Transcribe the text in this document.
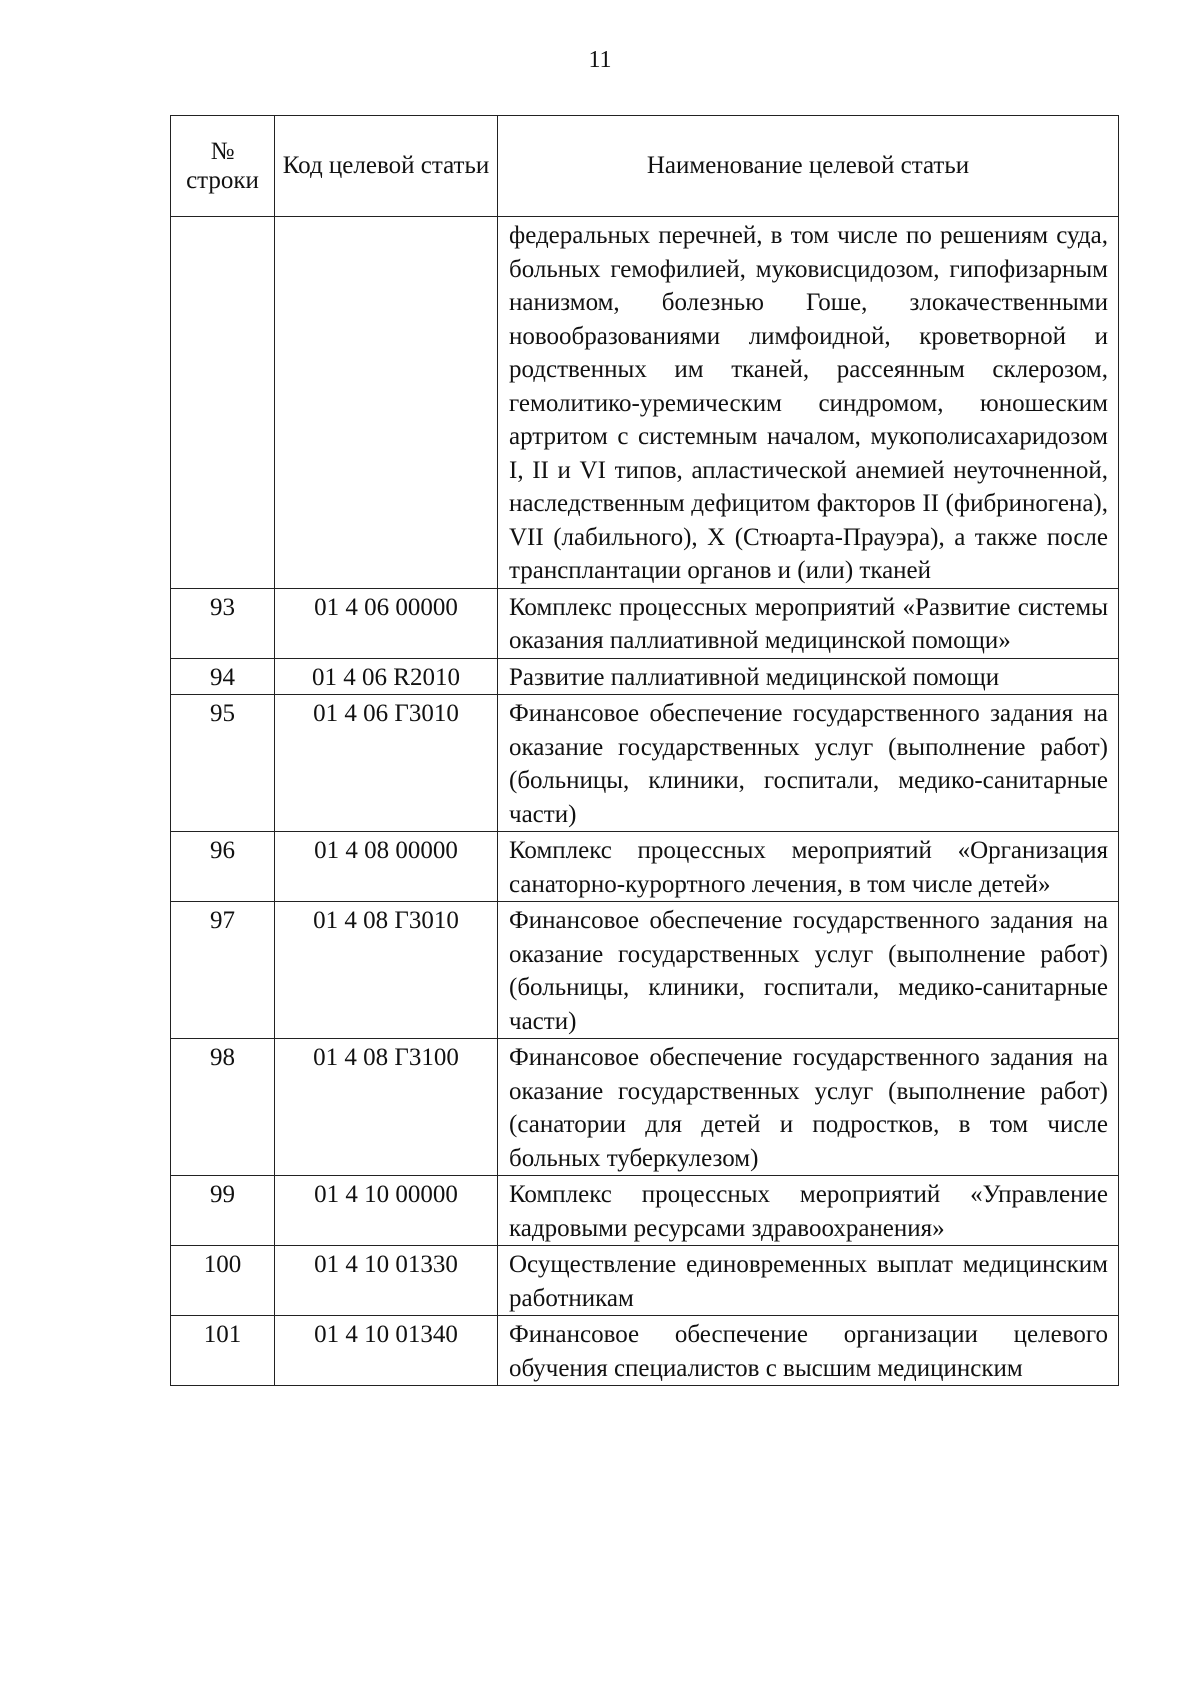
11
№ строки	Код целевой статьи	Наименование целевой статьи
		федеральных перечней, в том числе по решениям суда, больных гемофилией, муковисцидозом, гипофизарным нанизмом, болезнью Гоше, злокачественными новообразованиями лимфоидной, кроветворной и родственных им тканей, рассеянным склерозом, гемолитико-уремическим синдромом, юношеским артритом с системным началом, мукополисахаридозом I, II и VI типов, апластической анемией неуточненной, наследственным дефицитом факторов II (фибриногена), VII (лабильного), X (Стюарта-Прауэра), а также после трансплантации органов и (или) тканей
93	01 4 06 00000	Комплекс процессных мероприятий «Развитие системы оказания паллиативной медицинской помощи»
94	01 4 06 R2010	Развитие паллиативной медицинской помощи
95	01 4 06 Г3010	Финансовое обеспечение государственного задания на оказание государственных услуг (выполнение работ) (больницы, клиники, госпитали, медико-санитарные части)
96	01 4 08 00000	Комплекс процессных мероприятий «Организация санаторно-курортного лечения, в том числе детей»
97	01 4 08 Г3010	Финансовое обеспечение государственного задания на оказание государственных услуг (выполнение работ) (больницы, клиники, госпитали, медико-санитарные части)
98	01 4 08 Г3100	Финансовое обеспечение государственного задания на оказание государственных услуг (выполнение работ) (санатории для детей и подростков, в том числе больных туберкулезом)
99	01 4 10 00000	Комплекс процессных мероприятий «Управление кадровыми ресурсами здравоохранения»
100	01 4 10 01330	Осуществление единовременных выплат медицинским работникам
101	01 4 10 01340	Финансовое обеспечение организации целевого обучения специалистов с высшим медицинским
